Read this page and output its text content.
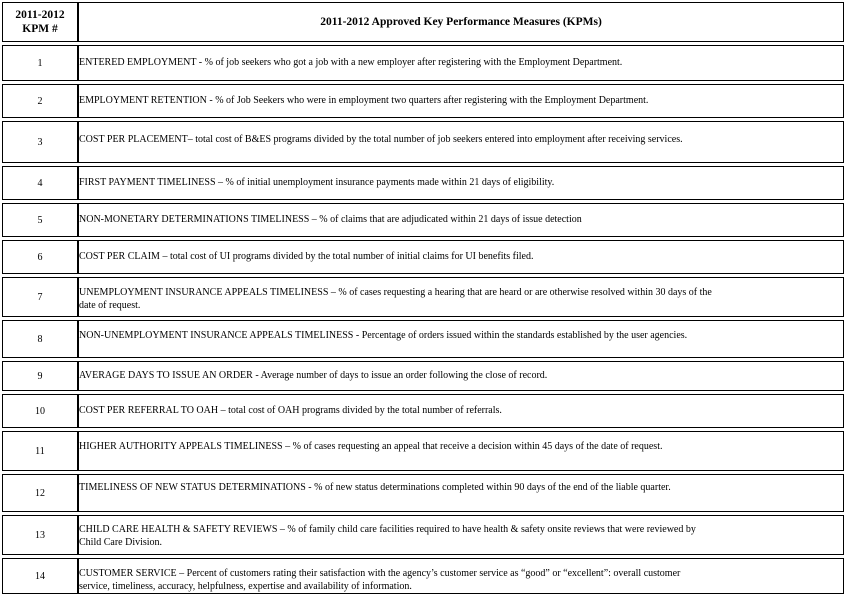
2011-2012
KPM #	2011-2012 Approved Key Performance Measures (KPMs)

1	ENTERED EMPLOYMENT - % of job seekers who got a job with a new employer after registering with the Employment Department.

2	EMPLOYMENT RETENTION - % of Job Seekers who were in employment two quarters after registering with the Employment Department.

3	COST PER PLACEMENT– total cost of B&ES programs divided by the total number of job seekers entered into employment after receiving services.

4	FIRST PAYMENT TIMELINESS – % of initial unemployment insurance payments made within 21 days of eligibility.

5	NON-MONETARY DETERMINATIONS TIMELINESS – % of claims that are adjudicated within 21 days of issue detection

6	COST PER CLAIM – total cost of UI programs divided by the total number of initial claims for UI benefits filed.

7	UNEMPLOYMENT INSURANCE APPEALS TIMELINESS – % of cases requesting a hearing that are heard or are otherwise resolved within 30 days of the date of request.

8	NON-UNEMPLOYMENT INSURANCE APPEALS TIMELINESS - Percentage of orders issued within the standards established by the user agencies.

9	AVERAGE DAYS TO ISSUE AN ORDER - Average number of days to issue an order following the close of record.

10	COST PER REFERRAL TO OAH – total cost of OAH programs divided by the total number of referrals.

11	HIGHER AUTHORITY APPEALS TIMELINESS – % of cases requesting an appeal that receive a decision within 45 days of the date of request.

12	TIMELINESS OF NEW STATUS DETERMINATIONS - % of new status determinations completed within 90 days of the end of the liable quarter.

13	CHILD CARE HEALTH & SAFETY REVIEWS – % of family child care facilities required to have health & safety onsite reviews that were reviewed by Child Care Division.

14	CUSTOMER SERVICE – Percent of customers rating their satisfaction with the agency’s customer service as “good” or “excellent”: overall customer service, timeliness, accuracy, helpfulness, expertise and availability of information.
